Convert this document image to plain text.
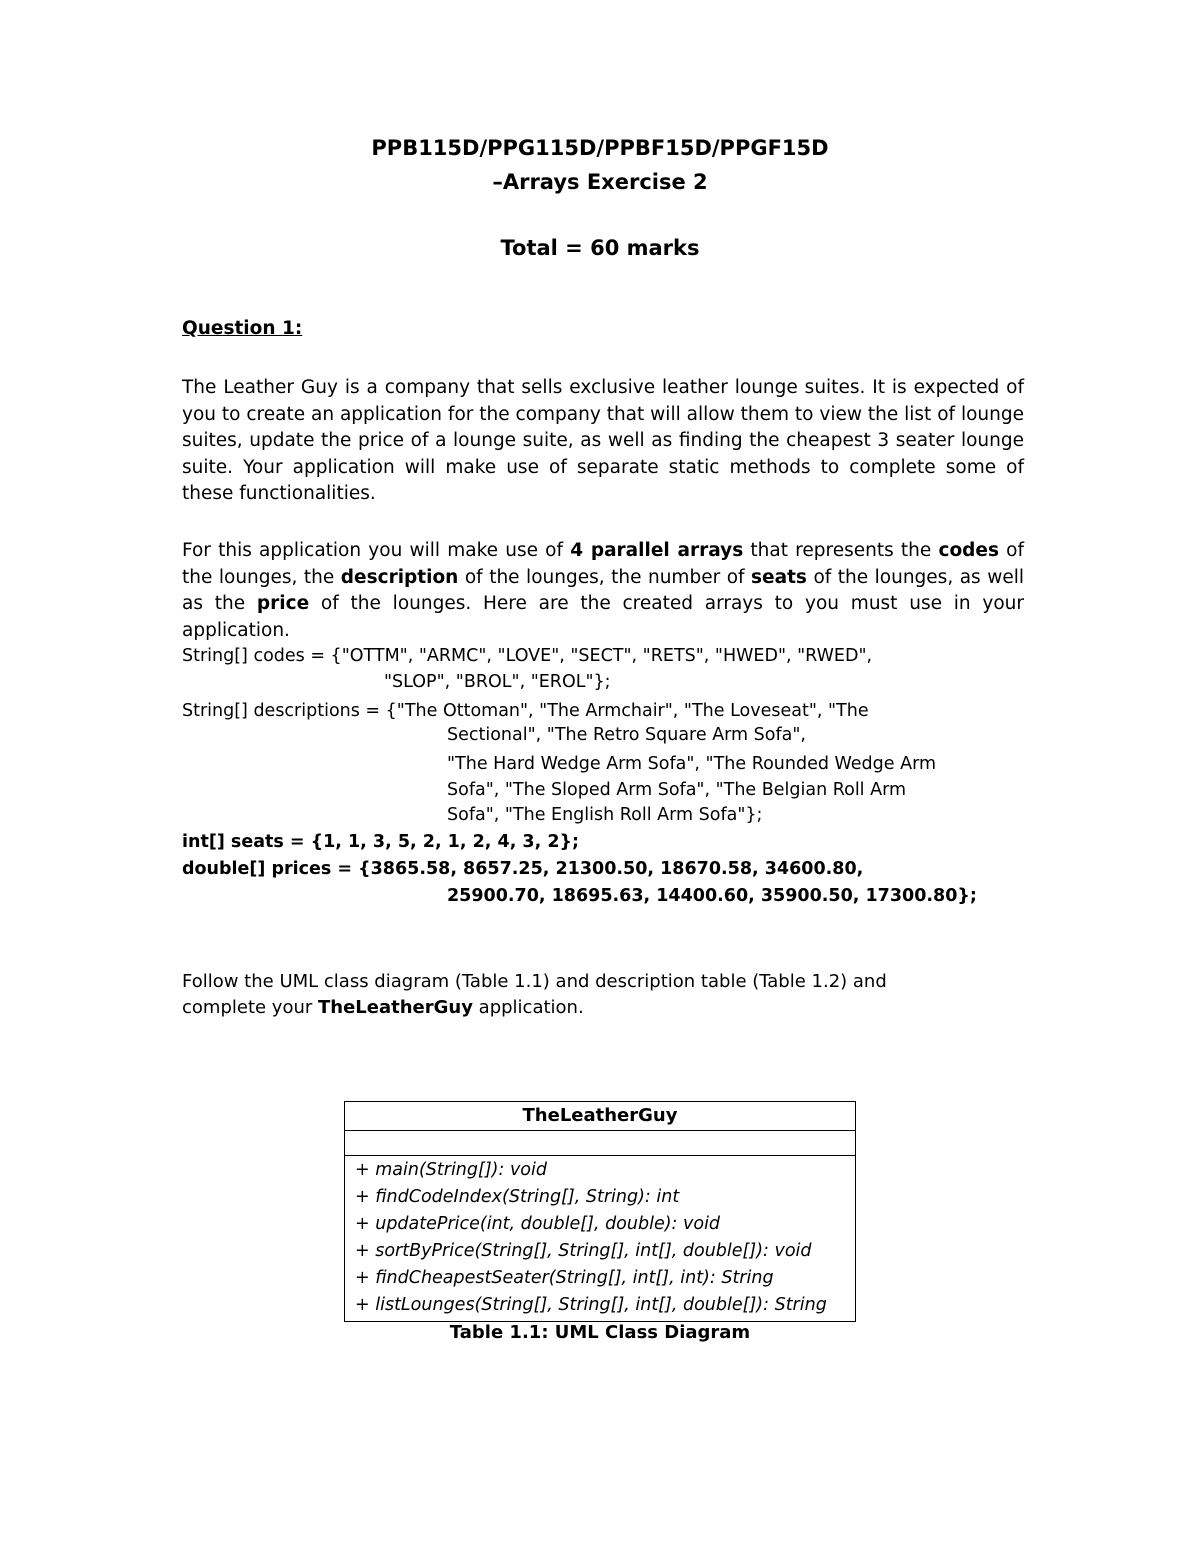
PPB115D/PPG115D/PPBF15D/PPGF15D
–Arrays Exercise 2
Total = 60 marks
Question 1:
The Leather Guy is a company that sells exclusive leather lounge suites. It is expected of you to create an application for the company that will allow them to view the list of lounge suites, update the price of a lounge suite, as well as finding the cheapest 3 seater lounge suite. Your application will make use of separate static methods to complete some of these functionalities.
For this application you will make use of 4 parallel arrays that represents the codes of the lounges, the description of the lounges, the number of seats of the lounges, as well as the price of the lounges. Here are the created arrays to you must use in your application.
String[] codes = {"OTTM", "ARMC", "LOVE", "SECT", "RETS", "HWED", "RWED",
"SLOP", "BROL", "EROL"};
String[] descriptions = {"The Ottoman", "The Armchair", "The Loveseat", "The
Sectional", "The Retro Square Arm Sofa",
"The Hard Wedge Arm Sofa", "The Rounded Wedge Arm
Sofa", "The Sloped Arm Sofa", "The Belgian Roll Arm
Sofa", "The English Roll Arm Sofa"};
int[] seats = {1, 1, 3, 5, 2, 1, 2, 4, 3, 2};
double[] prices = {3865.58, 8657.25, 21300.50, 18670.58, 34600.80,
25900.70, 18695.63, 14400.60, 35900.50, 17300.80};
Follow the UML class diagram (Table 1.1) and description table (Table 1.2) and
complete your TheLeatherGuy application.
TheLeatherGuy
+ main(String[]): void
+ findCodeIndex(String[], String): int
+ updatePrice(int, double[], double): void
+ sortByPrice(String[], String[], int[], double[]): void
+ findCheapestSeater(String[], int[], int): String
+ listLounges(String[], String[], int[], double[]): String
Table 1.1: UML Class Diagram
